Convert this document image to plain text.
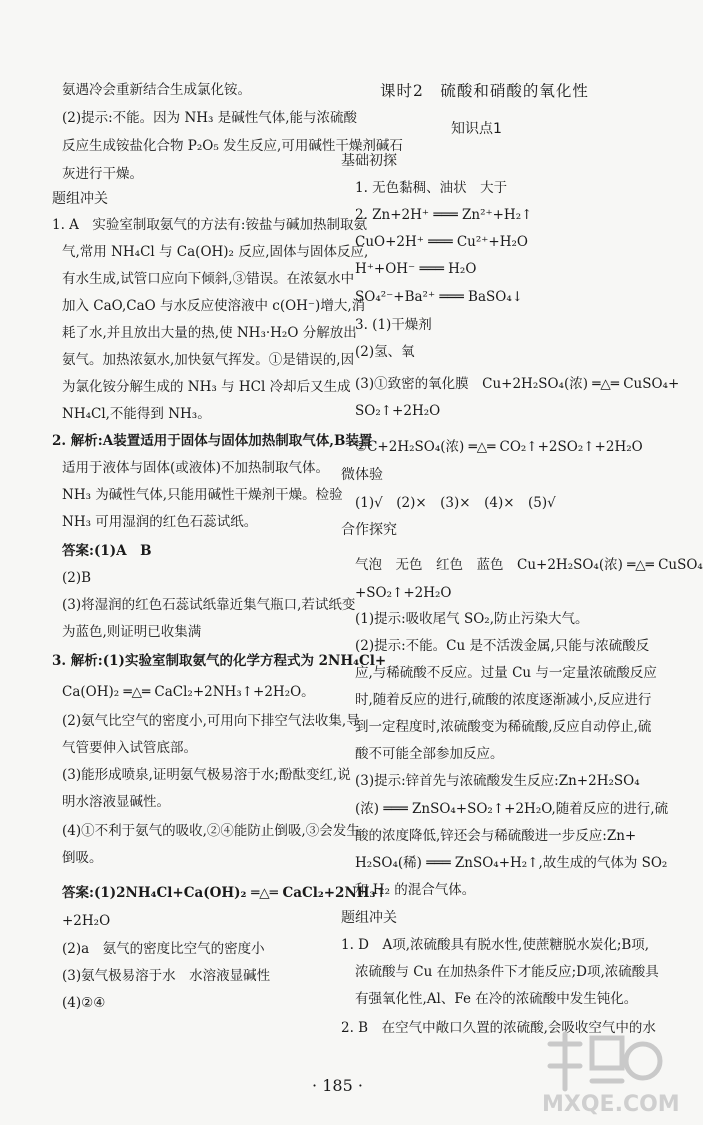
氨遇冷会重新结合生成氯化铵。
(2)提示:不能。因为 NH₃ 是碱性气体,能与浓硫酸
反应生成铵盐化合物 P₂O₅ 发生反应,可用碱性干燥剂碱石
灰进行干燥。
题组冲关
1. A　实验室制取氨气的方法有:铵盐与碱加热制取氨
气,常用 NH₄Cl 与 Ca(OH)₂ 反应,固体与固体反应,
有水生成,试管口应向下倾斜,③错误。在浓氨水中
加入 CaO,CaO 与水反应使溶液中 c(OH⁻)增大,消
耗了水,并且放出大量的热,使 NH₃·H₂O 分解放出
氨气。加热浓氨水,加快氨气挥发。①是错误的,因
为氯化铵分解生成的 NH₃ 与 HCl 冷却后又生成
NH₄Cl,不能得到 NH₃。
2. 解析:A装置适用于固体与固体加热制取气体,B装置
适用于液体与固体(或液体)不加热制取气体。
NH₃ 为碱性气体,只能用碱性干燥剂干燥。检验
NH₃ 可用湿润的红色石蕊试纸。
答案:(1)A　B
(2)B
(3)将湿润的红色石蕊试纸靠近集气瓶口,若试纸变
为蓝色,则证明已收集满
3. 解析:(1)实验室制取氨气的化学方程式为 2NH₄Cl+
Ca(OH)₂ ═△═ CaCl₂+2NH₃↑+2H₂O。
(2)氨气比空气的密度小,可用向下排空气法收集,导
气管要伸入试管底部。
(3)能形成喷泉,证明氨气极易溶于水;酚酞变红,说
明水溶液显碱性。
(4)①不利于氨气的吸收,②④能防止倒吸,③会发生
倒吸。
答案:(1)2NH₄Cl+Ca(OH)₂ ═△═ CaCl₂+2NH₃↑
+2H₂O
(2)a　氨气的密度比空气的密度小
(3)氨气极易溶于水　水溶液显碱性
(4)②④
课时2　硫酸和硝酸的氧化性
知识点1
基础初探
1. 无色黏稠、油状　大于
2. Zn+2H⁺ ═══ Zn²⁺+H₂↑
CuO+2H⁺ ═══ Cu²⁺+H₂O
H⁺+OH⁻ ═══ H₂O
SO₄²⁻+Ba²⁺ ═══ BaSO₄↓
3. (1)干燥剂
(2)氢、氧
(3)①致密的氧化膜　Cu+2H₂SO₄(浓) ═△═ CuSO₄+
SO₂↑+2H₂O
②C+2H₂SO₄(浓) ═△═ CO₂↑+2SO₂↑+2H₂O
微体验
(1)√　(2)×　(3)×　(4)×　(5)√
合作探究
气泡　无色　红色　蓝色　Cu+2H₂SO₄(浓) ═△═ CuSO₄
+SO₂↑+2H₂O
(1)提示:吸收尾气 SO₂,防止污染大气。
(2)提示:不能。Cu 是不活泼金属,只能与浓硫酸反
应,与稀硫酸不反应。过量 Cu 与一定量浓硫酸反应
时,随着反应的进行,硫酸的浓度逐渐减小,反应进行
到一定程度时,浓硫酸变为稀硫酸,反应自动停止,硫
酸不可能全部参加反应。
(3)提示:锌首先与浓硫酸发生反应:Zn+2H₂SO₄
(浓) ═══ ZnSO₄+SO₂↑+2H₂O,随着反应的进行,硫
酸的浓度降低,锌还会与稀硫酸进一步反应:Zn+
H₂SO₄(稀) ═══ ZnSO₄+H₂↑,故生成的气体为 SO₂
和 H₂ 的混合气体。
题组冲关
1. D　A项,浓硫酸具有脱水性,使蔗糖脱水炭化;B项,
浓硫酸与 Cu 在加热条件下才能反应;D项,浓硫酸具
有强氧化性,Al、Fe 在冷的浓硫酸中发生钝化。
2. B　在空气中敞口久置的浓硫酸,会吸收空气中的水
· 185 ·
MXQE.COM
